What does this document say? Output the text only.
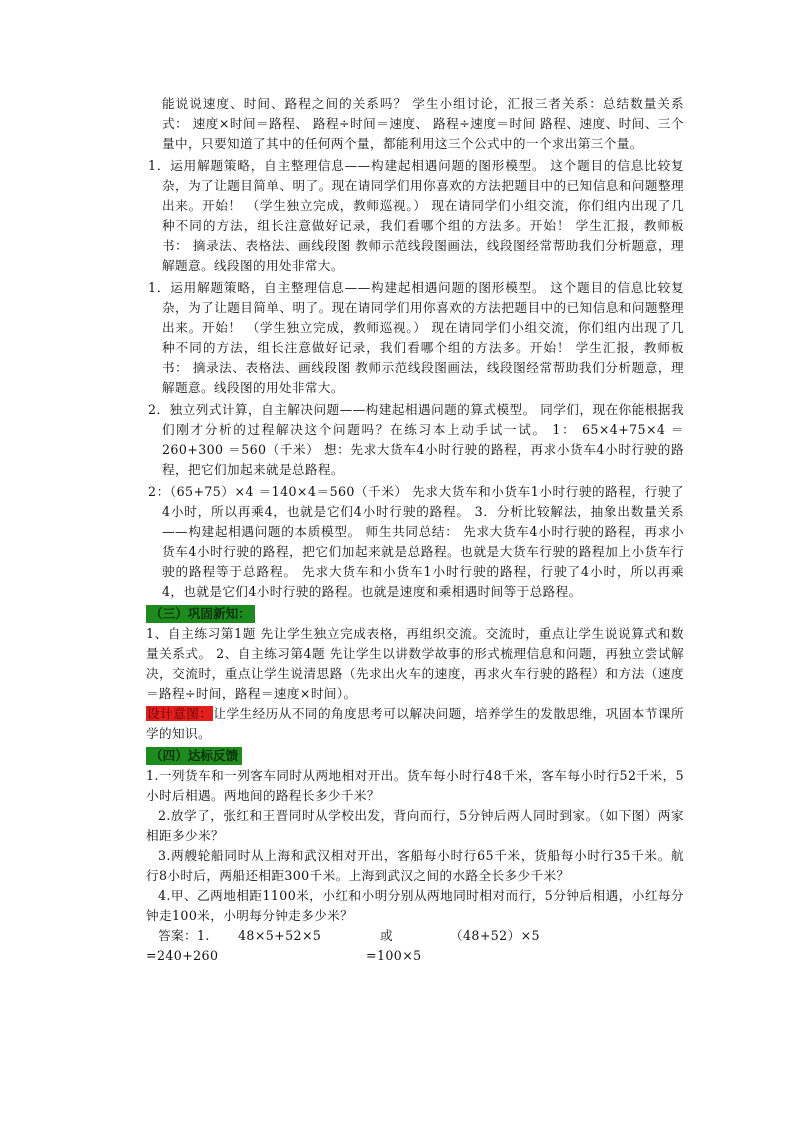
能说说速度、时间、路程之间的关系吗？ 学生小组讨论，汇报三者关系：总结数量关系式： 速度×时间＝路程、 路程÷时间＝速度、 路程÷速度＝时间 路程、速度、时间、三个量中，只要知道了其中的任何两个量，都能利用这三个公式中的一个求出第三个量。

1．运用解题策略，自主整理信息——构建起相遇问题的图形模型。 这个题目的信息比较复杂，为了让题目简单、明了。现在请同学们用你喜欢的方法把题目中的已知信息和问题整理出来。开始！ （学生独立完成，教师巡视。） 现在请同学们小组交流，你们组内出现了几种不同的方法，组长注意做好记录，我们看哪个组的方法多。开始！ 学生汇报，教师板书： 摘录法、表格法、画线段图 教师示范线段图画法，线段图经常帮助我们分析题意，理解题意。线段图的用处非常大。

1．运用解题策略，自主整理信息——构建起相遇问题的图形模型。 这个题目的信息比较复杂，为了让题目简单、明了。现在请同学们用你喜欢的方法把题目中的已知信息和问题整理出来。开始！ （学生独立完成，教师巡视。） 现在请同学们小组交流，你们组内出现了几种不同的方法，组长注意做好记录，我们看哪个组的方法多。开始！ 学生汇报，教师板书： 摘录法、表格法、画线段图 教师示范线段图画法，线段图经常帮助我们分析题意，理解题意。线段图的用处非常大。

2．独立列式计算，自主解决问题——构建起相遇问题的算式模型。 同学们，现在你能根据我们刚才分析的过程解决这个问题吗？在练习本上动手试一试。 1： 65×4+75×4 ＝ 260+300 ＝560（千米） 想：先求大货车4小时行驶的路程，再求小货车4小时行驶的路程，把它们加起来就是总路程。

2：（65+75）×4 ＝140×4＝560（千米） 先求大货车和小货车1小时行驶的路程，行驶了4小时，所以再乘4，也就是它们4小时行驶的路程。 3．分析比较解法，抽象出数量关系——构建起相遇问题的本质模型。 师生共同总结： 先求大货车4小时行驶的路程，再求小货车4小时行驶的路程，把它们加起来就是总路程。也就是大货车行驶的路程加上小货车行驶的路程等于总路程。 先求大货车和小货车1小时行驶的路程，行驶了4小时，所以再乘4，也就是它们4小时行驶的路程。也就是速度和乘相遇时间等于总路程。

（三）巩固新知：

1、自主练习第1题 先让学生独立完成表格，再组织交流。交流时，重点让学生说说算式和数量关系式。 2、自主练习第4题 先让学生以讲数学故事的形式梳理信息和问题，再独立尝试解决，交流时，重点让学生说清思路（先求出火车的速度，再求火车行驶的路程）和方法（速度＝路程÷时间，路程＝速度×时间）。

设计意图：让学生经历从不同的角度思考可以解决问题，培养学生的发散思维，巩固本节课所学的知识。

（四）达标反馈

1.一列货车和一列客车同时从两地相对开出。货车每小时行48千米，客车每小时行52千米，5小时后相遇。两地间的路程长多少千米？

2.放学了，张红和王晋同时从学校出发，背向而行，5分钟后两人同时到家。（如下图）两家相距多少米？

3.两艘轮船同时从上海和武汉相对开出，客船每小时行65千米，货船每小时行35千米。航行8小时后，两船还相距300千米。上海到武汉之间的水路全长多少千米？

4.甲、乙两地相距1100米，小红和小明分别从两地同时相对而行，5分钟后相遇，小红每分钟走100米，小明每分钟走多少米？

答案：1.	48×5+52×5	或	（48+52）×5
=240+260	=100×5
